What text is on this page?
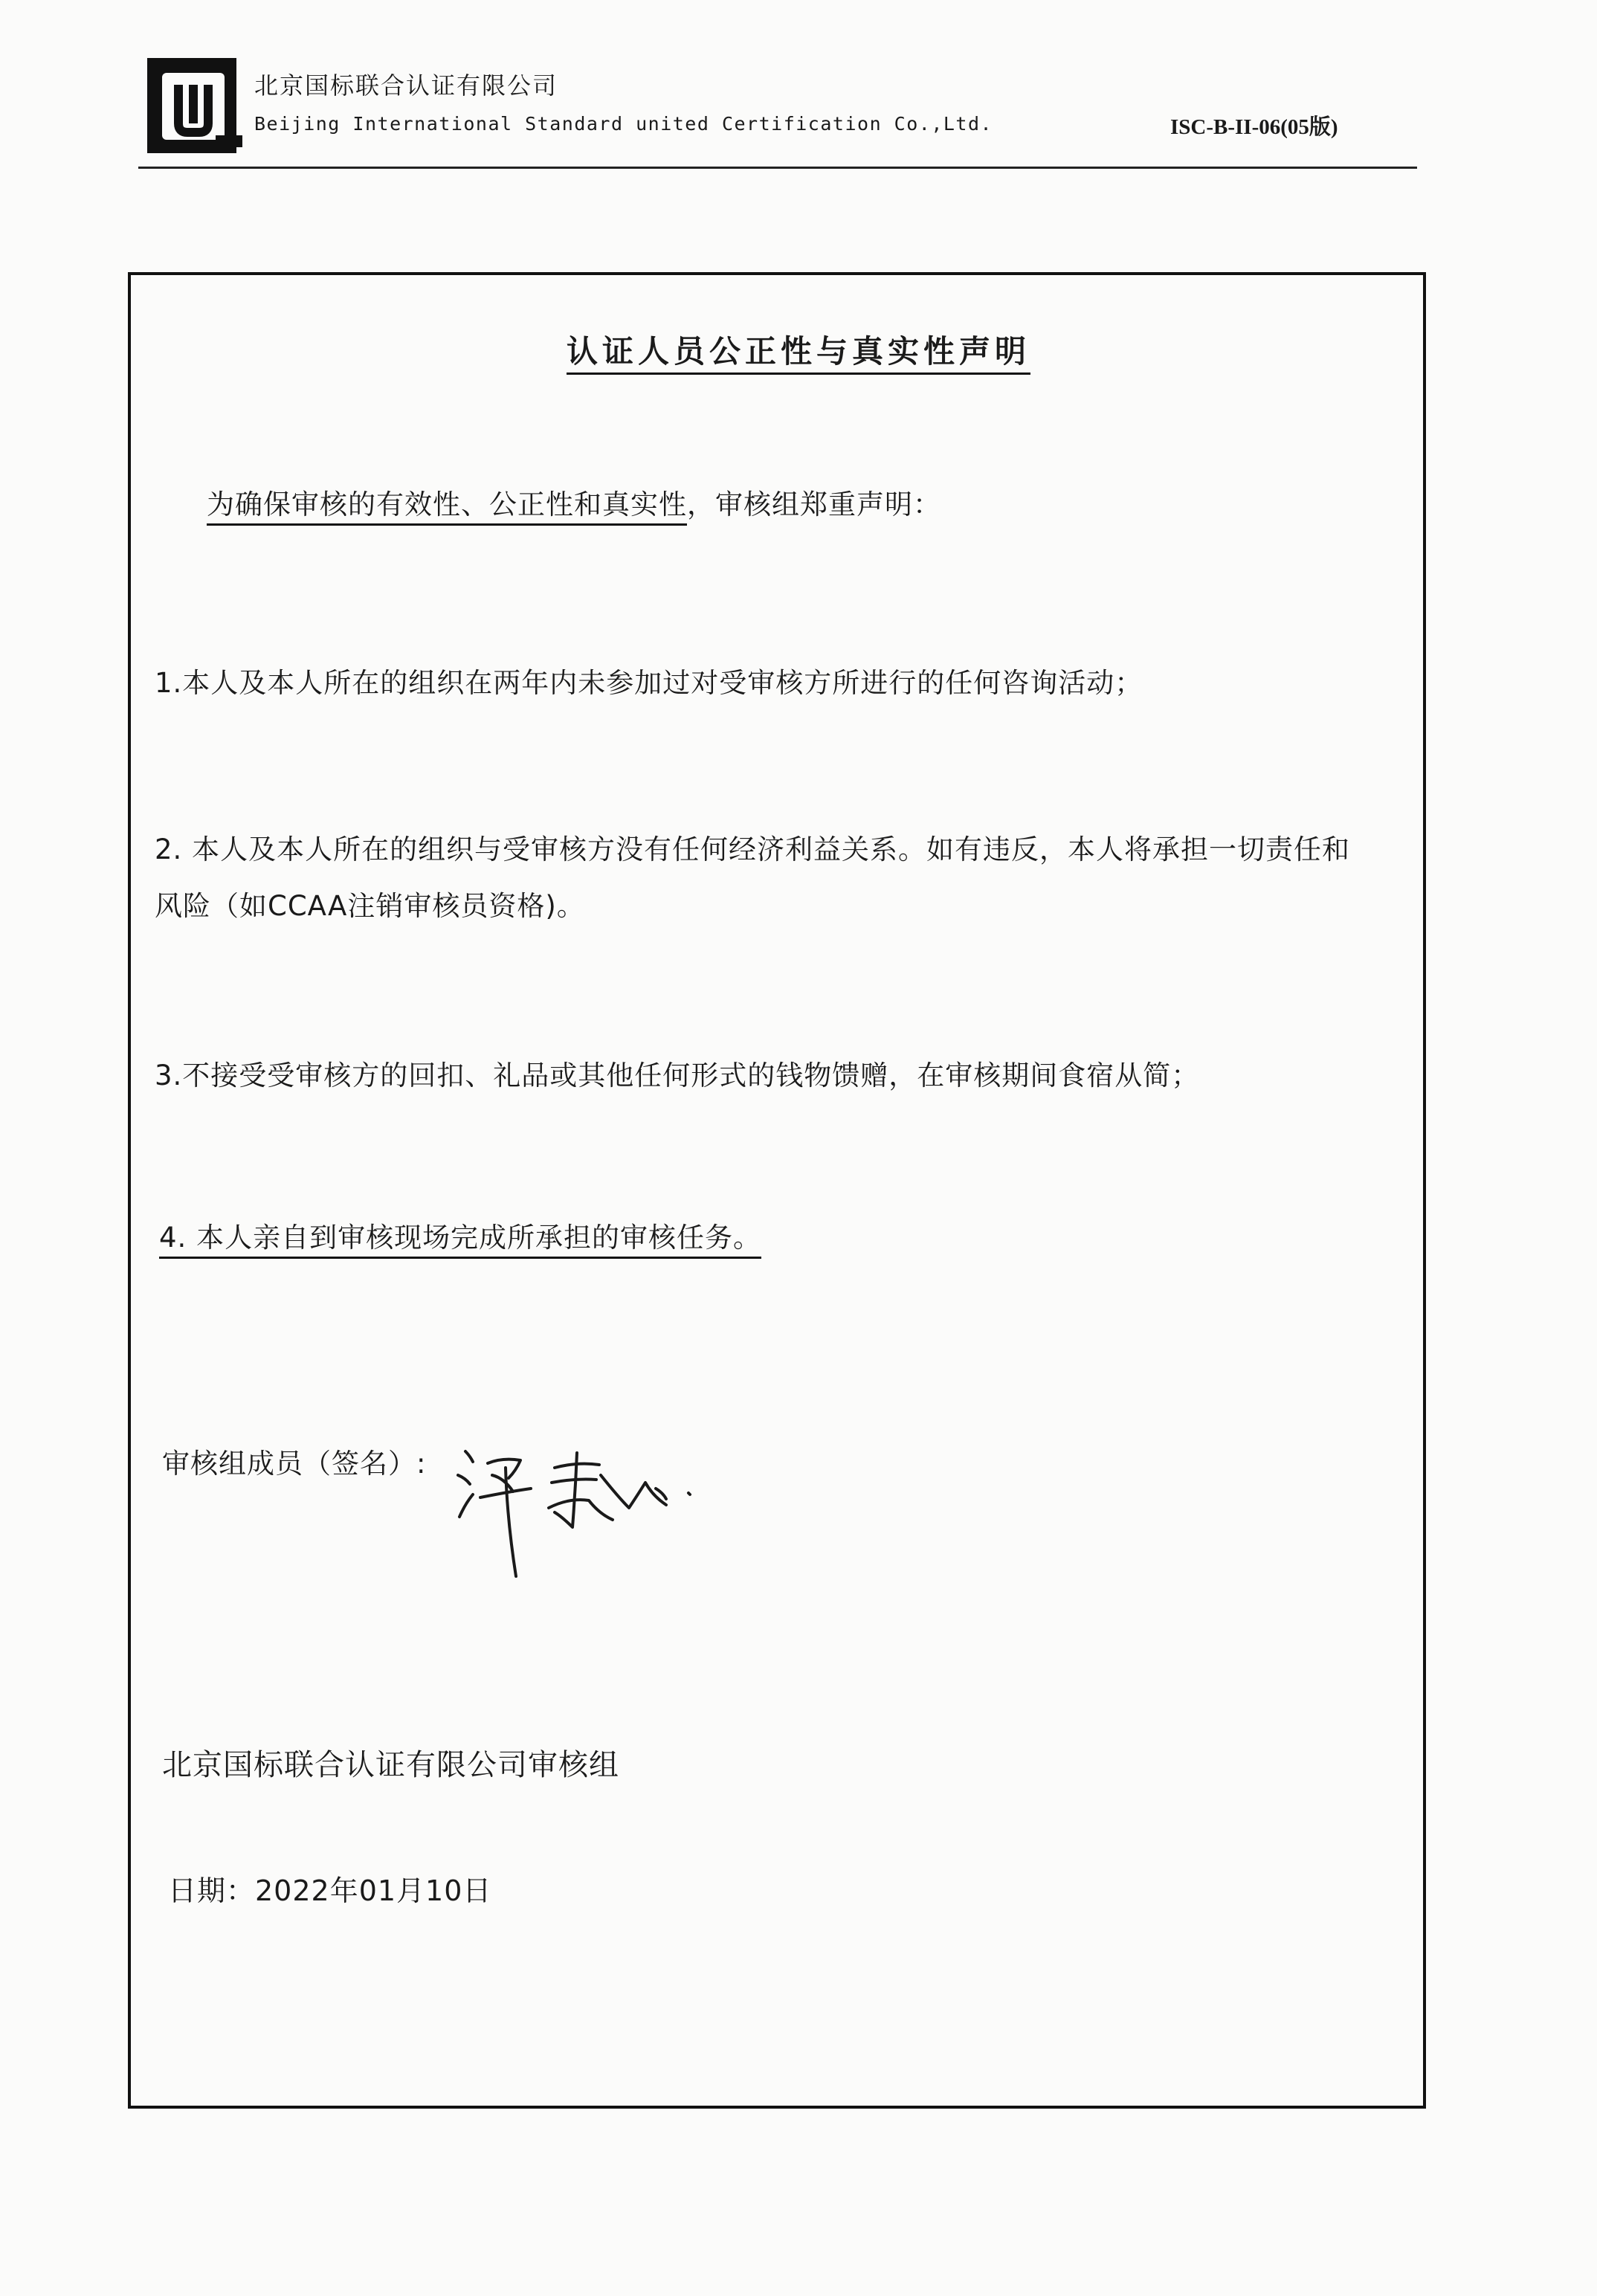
北京国标联合认证有限公司
Beijing International Standard united Certification Co.,Ltd.	ISC-B-II-06(05版)
认证人员公正性与真实性声明
为确保审核的有效性、公正性和真实性，审核组郑重声明：
1.本人及本人所在的组织在两年内未参加过对受审核方所进行的任何咨询活动；
2. 本人及本人所在的组织与受审核方没有任何经济利益关系。如有违反，本人将承担一切责任和
风险（如CCAA注销审核员资格)。
3.不接受受审核方的回扣、礼品或其他任何形式的钱物馈赠，在审核期间食宿从简；
4. 本人亲自到审核现场完成所承担的审核任务。
审核组成员（签名）:
北京国标联合认证有限公司审核组
日期：2022年01月10日
